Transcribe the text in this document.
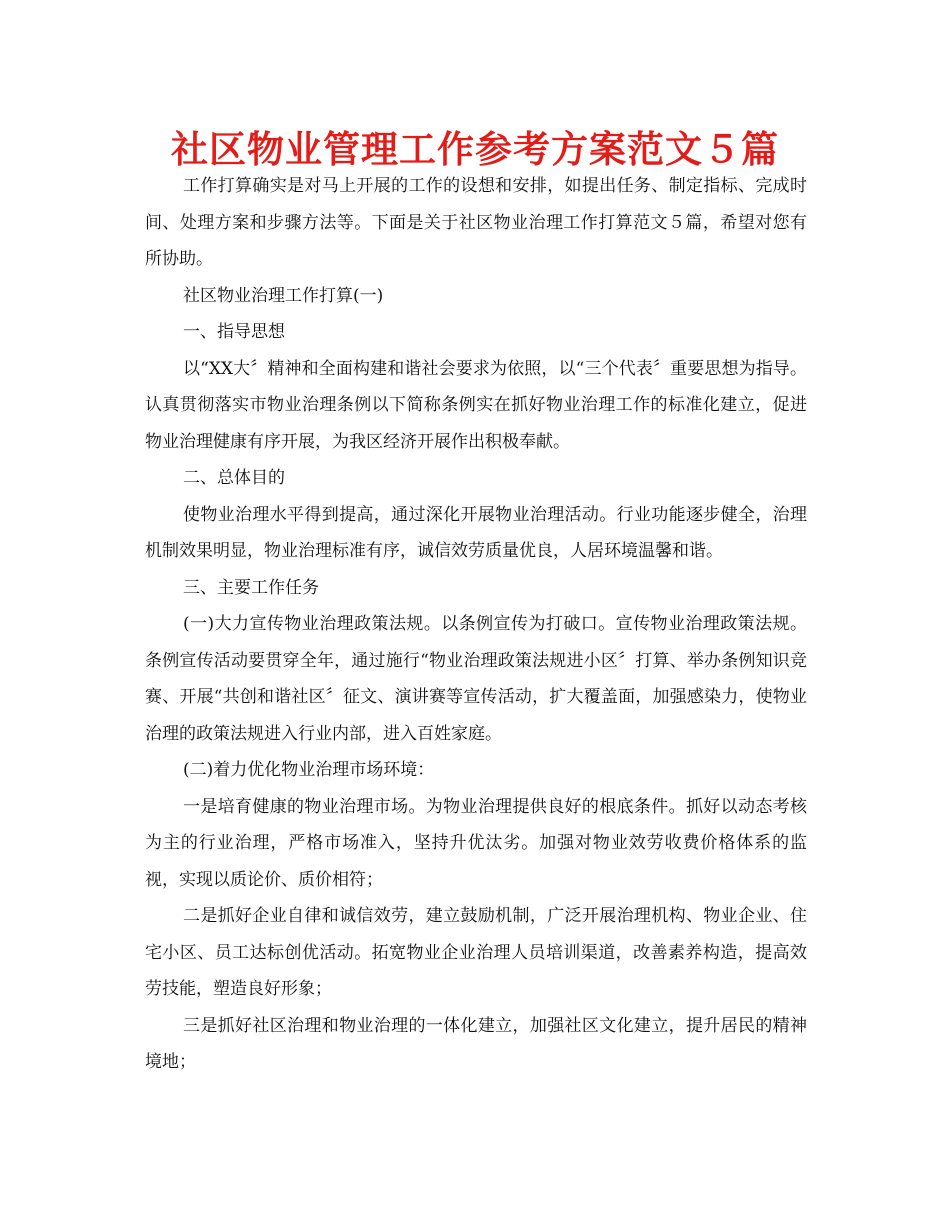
社区物业管理工作参考方案范文５篇

工作打算确实是对马上开展的工作的设想和安排，如提出任务、制定指标、完成时间、处理方案和步骤方法等。下面是关于社区物业治理工作打算范文５篇，希望对您有所协助。

社区物业治理工作打算(一)

一、指导思想

以“XX大〞精神和全面构建和谐社会要求为依照，以“三个代表〞重要思想为指导。认真贯彻落实市物业治理条例以下简称条例实在抓好物业治理工作的标准化建立，促进物业治理健康有序开展，为我区经济开展作出积极奉献。

二、总体目的

使物业治理水平得到提高，通过深化开展物业治理活动。行业功能逐步健全，治理机制效果明显，物业治理标准有序，诚信效劳质量优良，人居环境温馨和谐。

三、主要工作任务

(一)大力宣传物业治理政策法规。以条例宣传为打破口。宣传物业治理政策法规。条例宣传活动要贯穿全年，通过施行“物业治理政策法规进小区〞打算、举办条例知识竞赛、开展“共创和谐社区〞征文、演讲赛等宣传活动，扩大覆盖面，加强感染力，使物业治理的政策法规进入行业内部，进入百姓家庭。

(二)着力优化物业治理市场环境：

一是培育健康的物业治理市场。为物业治理提供良好的根底条件。抓好以动态考核为主的行业治理，严格市场准入，坚持升优汰劣。加强对物业效劳收费价格体系的监视，实现以质论价、质价相符；

二是抓好企业自律和诚信效劳，建立鼓励机制，广泛开展治理机构、物业企业、住宅小区、员工达标创优活动。拓宽物业企业治理人员培训渠道，改善素养构造，提高效劳技能，塑造良好形象；

三是抓好社区治理和物业治理的一体化建立，加强社区文化建立，提升居民的精神境地；
